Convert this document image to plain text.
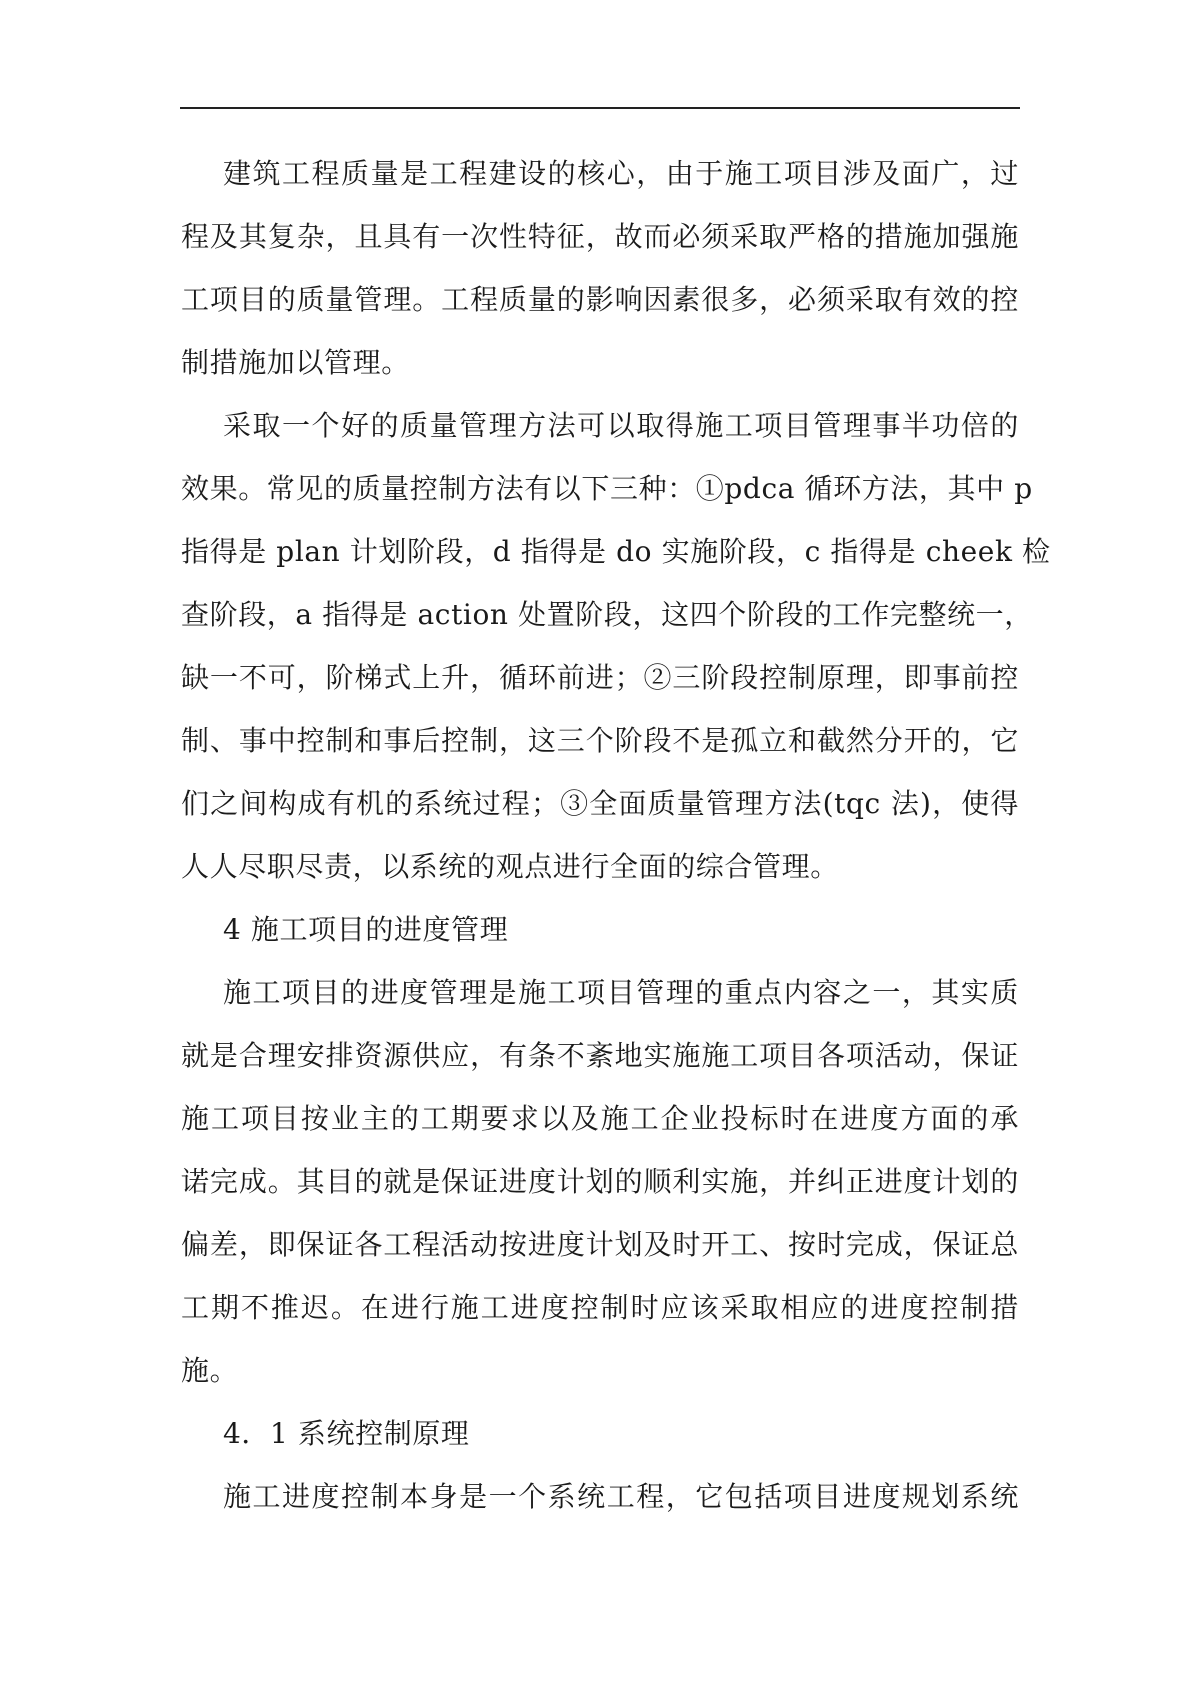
建筑工程质量是工程建设的核心，由于施工项目涉及面广，过
程及其复杂，且具有一次性特征，故而必须采取严格的措施加强施
工项目的质量管理。工程质量的影响因素很多，必须采取有效的控
制措施加以管理。
采取一个好的质量管理方法可以取得施工项目管理事半功倍的
效果。常见的质量控制方法有以下三种：①pdca 循环方法，其中 p
指得是 plan 计划阶段，d 指得是 do 实施阶段，c 指得是 cheek 检
查阶段，a 指得是 action 处置阶段，这四个阶段的工作完整统一，
缺一不可，阶梯式上升，循环前进；②三阶段控制原理，即事前控
制、事中控制和事后控制，这三个阶段不是孤立和截然分开的，它
们之间构成有机的系统过程；③全面质量管理方法(tqc 法)，使得
人人尽职尽责，以系统的观点进行全面的综合管理。
4 施工项目的进度管理
施工项目的进度管理是施工项目管理的重点内容之一，其实质
就是合理安排资源供应，有条不紊地实施施工项目各项活动，保证
施工项目按业主的工期要求以及施工企业投标时在进度方面的承
诺完成。其目的就是保证进度计划的顺利实施，并纠正进度计划的
偏差，即保证各工程活动按进度计划及时开工、按时完成，保证总
工期不推迟。在进行施工进度控制时应该采取相应的进度控制措
施。
4．1 系统控制原理
施工进度控制本身是一个系统工程，它包括项目进度规划系统
